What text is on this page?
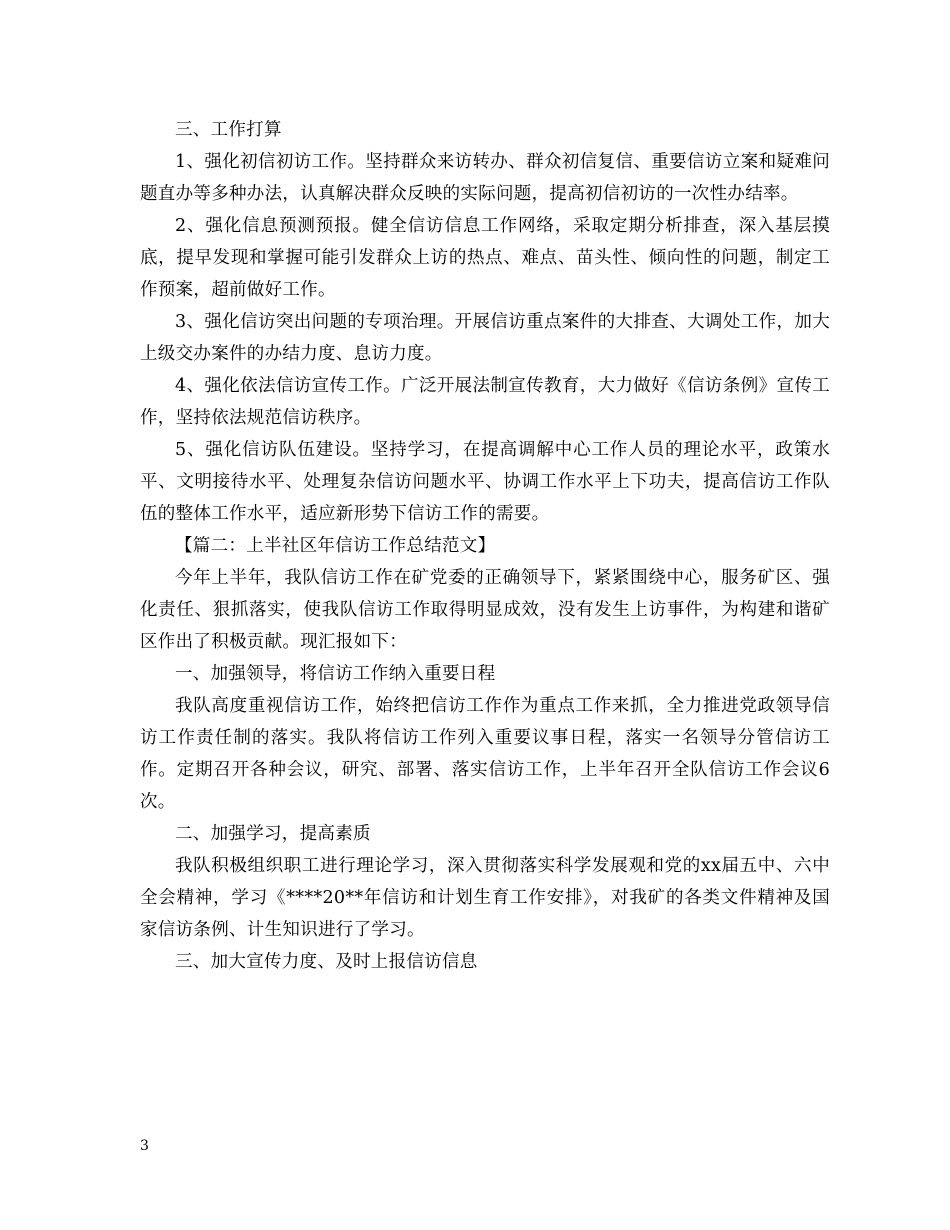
三、工作打算

1、强化初信初访工作。坚持群众来访转办、群众初信复信、重要信访立案和疑难问题直办等多种办法，认真解决群众反映的实际问题，提高初信初访的一次性办结率。

2、强化信息预测预报。健全信访信息工作网络，采取定期分析排查，深入基层摸底，提早发现和掌握可能引发群众上访的热点、难点、苗头性、倾向性的问题，制定工作预案，超前做好工作。

3、强化信访突出问题的专项治理。开展信访重点案件的大排查、大调处工作，加大上级交办案件的办结力度、息访力度。

4、强化依法信访宣传工作。广泛开展法制宣传教育，大力做好《信访条例》宣传工作，坚持依法规范信访秩序。

5、强化信访队伍建设。坚持学习，在提高调解中心工作人员的理论水平，政策水平、文明接待水平、处理复杂信访问题水平、协调工作水平上下功夫，提高信访工作队伍的整体工作水平，适应新形势下信访工作的需要。

【篇二：上半社区年信访工作总结范文】

今年上半年，我队信访工作在矿党委的正确领导下，紧紧围绕中心，服务矿区、强化责任、狠抓落实，使我队信访工作取得明显成效，没有发生上访事件，为构建和谐矿区作出了积极贡献。现汇报如下：

一、加强领导，将信访工作纳入重要日程

我队高度重视信访工作，始终把信访工作作为重点工作来抓，全力推进党政领导信访工作责任制的落实。我队将信访工作列入重要议事日程，落实一名领导分管信访工作。定期召开各种会议，研究、部署、落实信访工作，上半年召开全队信访工作会议6次。

二、加强学习，提高素质

我队积极组织职工进行理论学习，深入贯彻落实科学发展观和党的xx届五中、六中全会精神，学习《****20**年信访和计划生育工作安排》，对我矿的各类文件精神及国家信访条例、计生知识进行了学习。

三、加大宣传力度、及时上报信访信息

3
